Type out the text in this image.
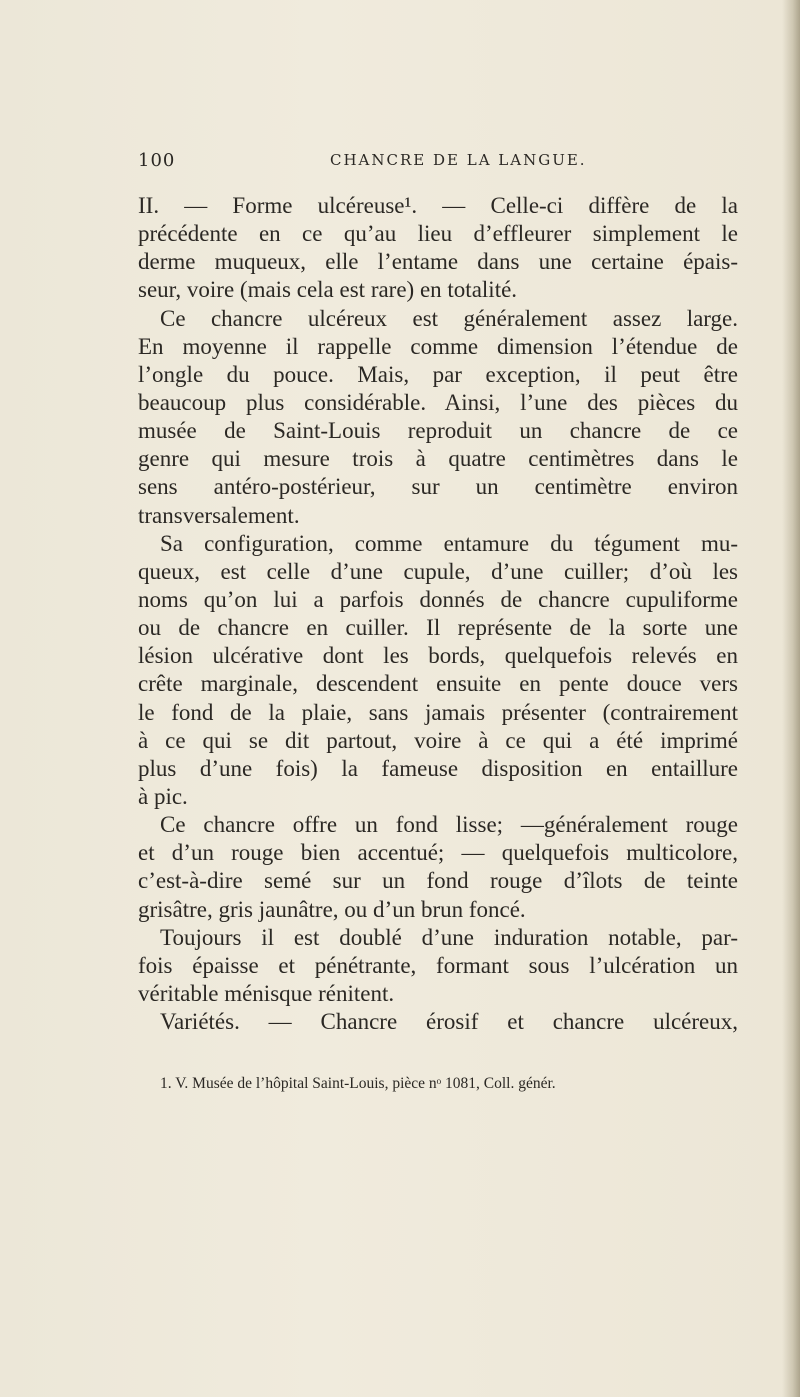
100	CHANCRE DE LA LANGUE.
II. — Forme ulcéreuse¹. — Celle-ci diffère de la
précédente en ce qu’au lieu d’effleurer simplement le
derme muqueux, elle l’entame dans une certaine épais-
seur, voire (mais cela est rare) en totalité.
Ce chancre ulcéreux est généralement assez large.
En moyenne il rappelle comme dimension l’étendue de
l’ongle du pouce. Mais, par exception, il peut être
beaucoup plus considérable. Ainsi, l’une des pièces du
musée de Saint-Louis reproduit un chancre de ce
genre qui mesure trois à quatre centimètres dans le
sens antéro-postérieur, sur un centimètre environ
transversalement.
Sa configuration, comme entamure du tégument mu-
queux, est celle d’une cupule, d’une cuiller; d’où les
noms qu’on lui a parfois donnés de chancre cupuliforme
ou de chancre en cuiller. Il représente de la sorte une
lésion ulcérative dont les bords, quelquefois relevés en
crête marginale, descendent ensuite en pente douce vers
le fond de la plaie, sans jamais présenter (contrairement
à ce qui se dit partout, voire à ce qui a été imprimé
plus d’une fois) la fameuse disposition en entaillure
à pic.
Ce chancre offre un fond lisse; —généralement rouge
et d’un rouge bien accentué; — quelquefois multicolore,
c’est-à-dire semé sur un fond rouge d’îlots de teinte
grisâtre, gris jaunâtre, ou d’un brun foncé.
Toujours il est doublé d’une induration notable, par-
fois épaisse et pénétrante, formant sous l’ulcération un
véritable ménisque rénitent.
Variétés. — Chancre érosif et chancre ulcéreux,
1. V. Musée de l’hôpital Saint-Louis, pièce nᵒ 1081, Coll. génér.
